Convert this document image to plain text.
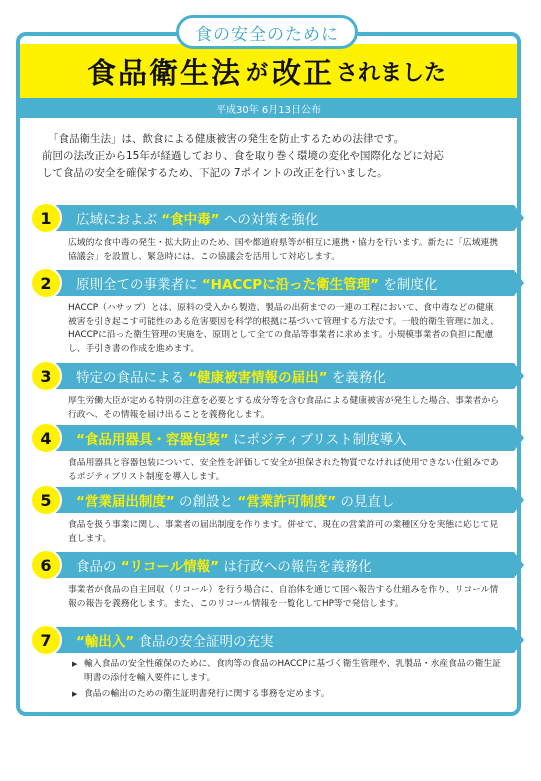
食の安全のために
食品衛生法 が 改正 されました
平成30年 6月13日公布

「食品衛生法」は、飲食による健康被害の発生を防止するための法律です。

前回の法改正から15年が経過しており、食を取り巻く環境の変化や国際化などに対応

して食品の安全を確保するため、下記の 7ポイントの改正を行いました。

1	広域におよぶ “食中毒” への対策を強化
広域的な食中毒の発生・拡大防止のため、国や都道府県等が相互に連携・協力を行います。新たに「広域連携協議会」を設置し、緊急時には、この協議会を活用して対応します。
2	原則全ての事業者に “HACCPに沿った衛生管理” を制度化
HACCP（ハサップ）とは、原料の受入から製造、製品の出荷までの一連の工程において、食中毒などの健康被害を引き起こす可能性のある危害要因を科学的根拠に基づいて管理する方法です。一般的衛生管理に加え、HACCPに沿った衛生管理の実施を、原則として全ての食品等事業者に求めます。小規模事業者の負担に配慮し、手引き書の作成を進めます。
3	特定の食品による “健康被害情報の届出” を義務化
厚生労働大臣が定める特別の注意を必要とする成分等を含む食品による健康被害が発生した場合、事業者から行政へ、その情報を届け出ることを義務化します。
4	“食品用器具・容器包装” にポジティブリスト制度導入
食品用器具と容器包装について、安全性を評価して安全が担保された物質でなければ使用できない仕組みであるポジティブリスト制度を導入します。
5	“営業届出制度” の創設と “営業許可制度” の見直し
食品を扱う事業に関し、事業者の届出制度を作ります。併せて、現在の営業許可の業種区分を実態に応じて見直します。
6	食品の “リコール情報” は行政への報告を義務化
事業者が食品の自主回収（リコール）を行う場合に、自治体を通じて国へ報告する仕組みを作り、リコール情報の報告を義務化します。また、このリコール情報を一覧化してHP等で発信します。
7	“輸出入” 食品の安全証明の充実
▶ 輸入食品の安全性確保のために、食肉等の食品のHACCPに基づく衛生管理や、乳製品・水産食品の衛生証明書の添付を輸入要件にします。
▶ 食品の輸出のための衛生証明書発行に関する事務を定めます。
